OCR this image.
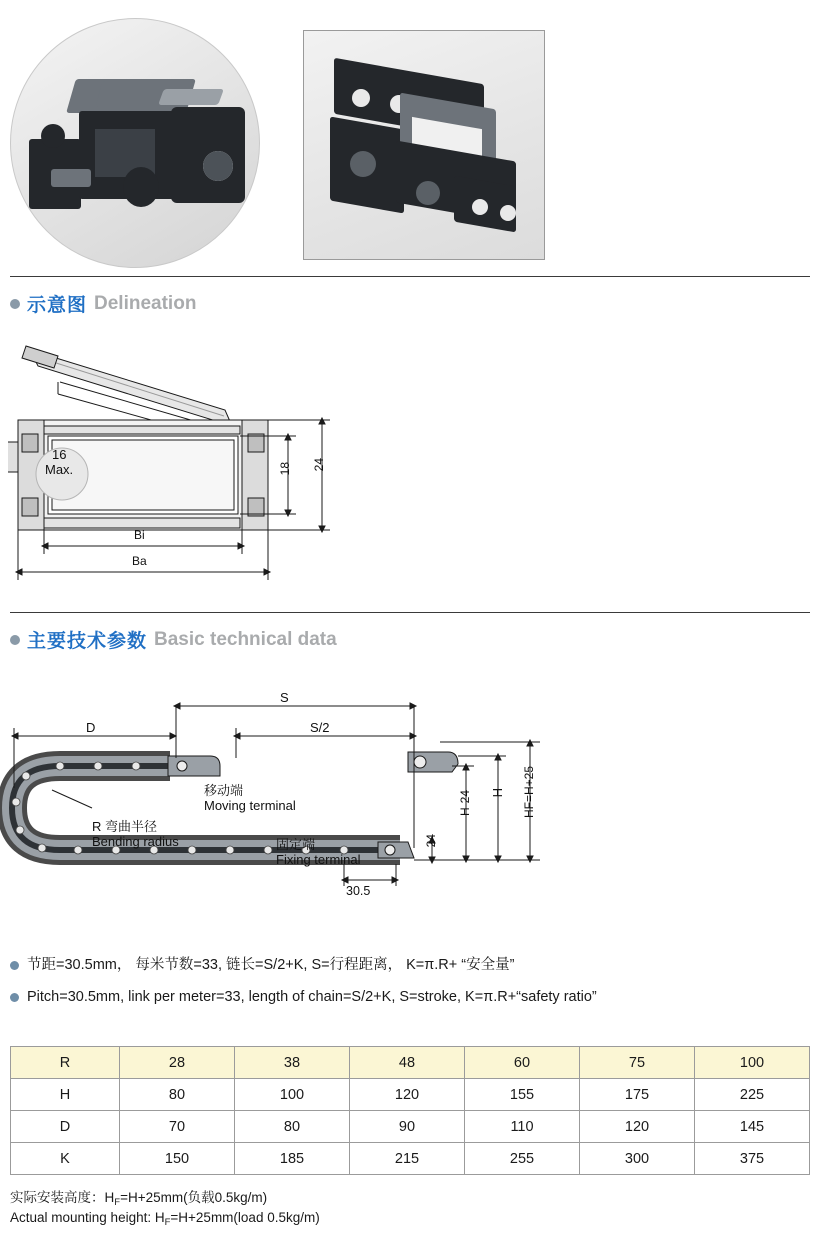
示意图 Delineation
16
Max.	18 24
Bi
Ba
主要技术参数 Basic technical data
S
S/2
D
H
H-24	HF=H+25
24
30.5
移动端
Moving terminal
固定端
Fixing terminal
R 弯曲半径
Bending radius
节距=30.5mm， 每米节数=33, 链长=S/2+K, S=行程距离， K=π.R+ “安全量”
Pitch=30.5mm, link per meter=33, length of chain=S/2+K, S=stroke, K=π.R+“safety ratio”
R	28	38	48	60	75	100
H	80	100	120	155	175	225
D	70	80	90	110	120	145
K	150	185	215	255	300	375
实际安装高度：$H_F=H+25mm$(负载0.5kg/m)
Actual mounting height: $H_F=H+25mm(load$ 0.5kg/m)
